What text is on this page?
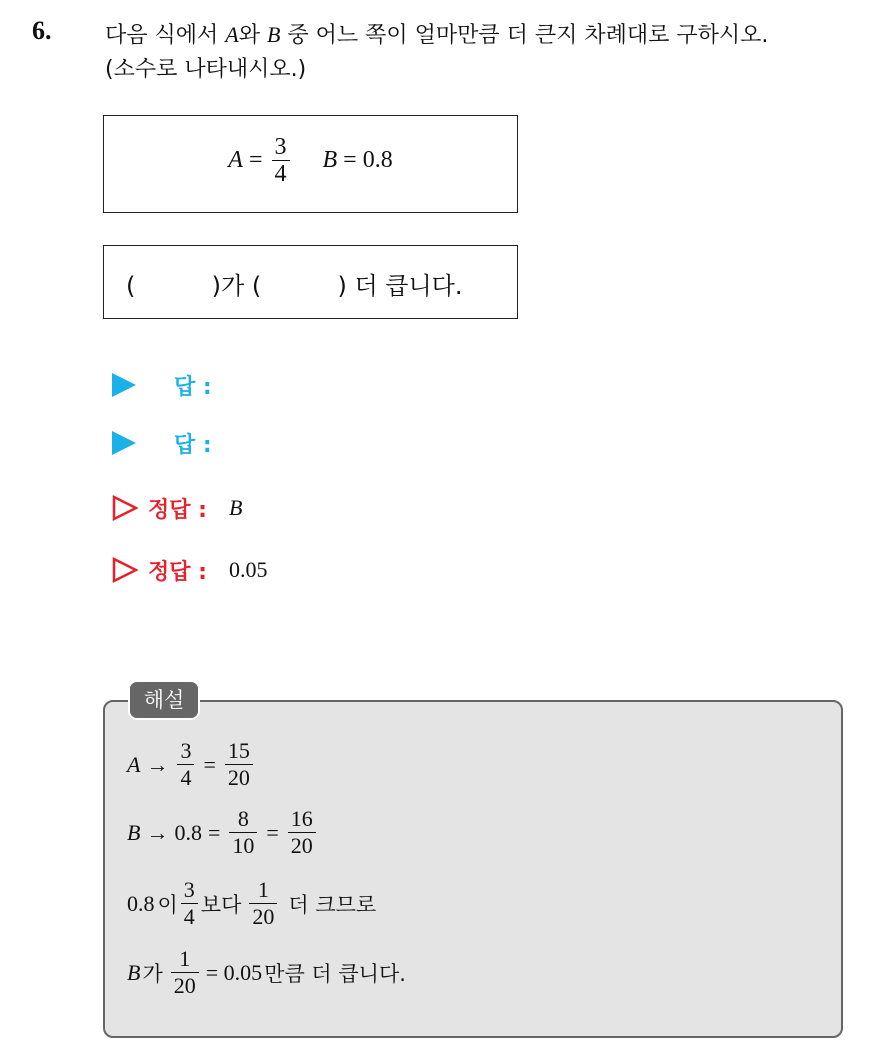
6. 다음 식에서 A와 B 중 어느 쪽이 얼마만큼 더 큰지 차례대로 구하시오.
(소수로 나타내시오.)
$A = \frac{3}{4}$ B = 0.8
(          )가 (          ) 더 큽니다.
답 :
답 :
정답 : B
정답 : 0.05
해설
$A \to \frac{3}{4} = \frac{15}{20}$
$B \to 0.8 = \frac{8}{10} = \frac{16}{20}$
0.8 이 $\frac{3}{4}$ 보다 $\frac{1}{20}$ 더 크므로
B 가 $\frac{1}{20} = 0.05$ 만큼 더 큽니다.
